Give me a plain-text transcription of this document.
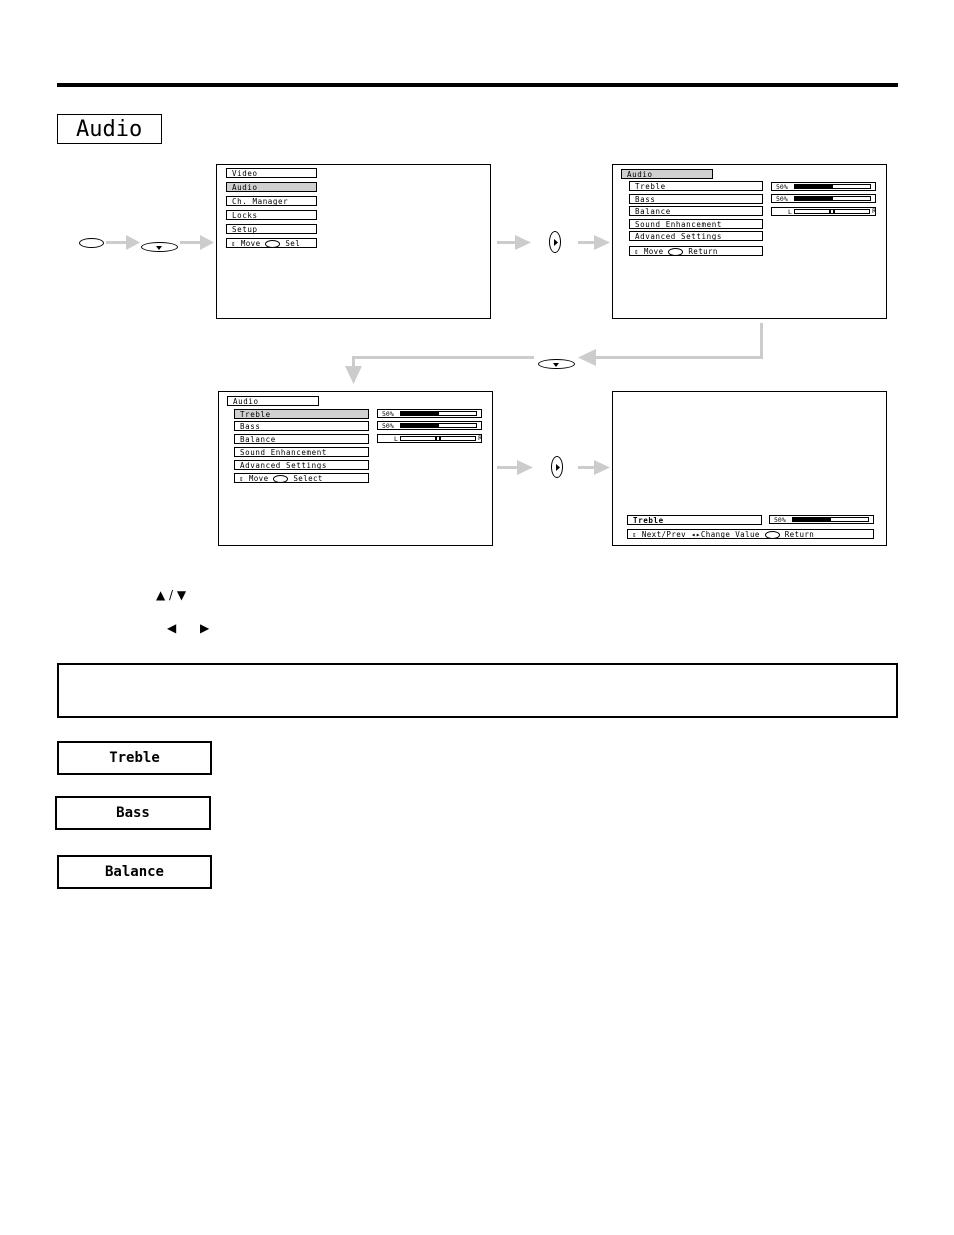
Audio
Video
Audio
Ch. Manager
Locks
Setup
⇕ Move	Sel
Audio
Treble
Bass
Balance
Sound Enhancement
Advanced Settings
⇕ Move	Return
50%
50%
L	R
Audio
Treble
Bass
Balance
Sound Enhancement
Advanced Settings
⇕ Move	Select
50%
50%
L	R
Treble	50%
⇕ Next/Prev ◂▸Change Value	Return
▲ / ▼
◀ ▶
Treble
Bass
Balance
